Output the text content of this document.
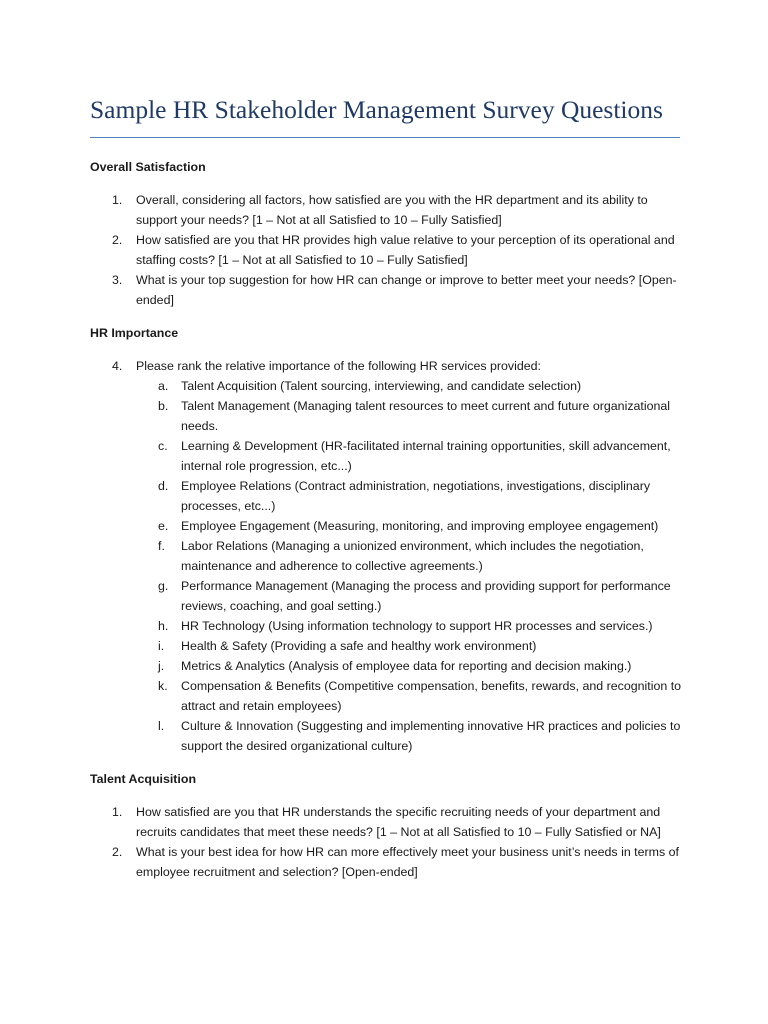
Sample HR Stakeholder Management Survey Questions
Overall Satisfaction
1. Overall, considering all factors, how satisfied are you with the HR department and its ability to support your needs? [1 – Not at all Satisfied to 10 – Fully Satisfied]
2. How satisfied are you that HR provides high value relative to your perception of its operational and staffing costs? [1 – Not at all Satisfied to 10 – Fully Satisfied]
3. What is your top suggestion for how HR can change or improve to better meet your needs? [Open-ended]
HR Importance
4. Please rank the relative importance of the following HR services provided:
a. Talent Acquisition (Talent sourcing, interviewing, and candidate selection)
b. Talent Management (Managing talent resources to meet current and future organizational needs.
c. Learning & Development (HR-facilitated internal training opportunities, skill advancement, internal role progression, etc...)
d. Employee Relations (Contract administration, negotiations, investigations, disciplinary processes, etc...)
e. Employee Engagement (Measuring, monitoring, and improving employee engagement)
f. Labor Relations (Managing a unionized environment, which includes the negotiation, maintenance and adherence to collective agreements.)
g. Performance Management (Managing the process and providing support for performance reviews, coaching, and goal setting.)
h. HR Technology (Using information technology to support HR processes and services.)
i. Health & Safety (Providing a safe and healthy work environment)
j. Metrics & Analytics (Analysis of employee data for reporting and decision making.)
k. Compensation & Benefits (Competitive compensation, benefits, rewards, and recognition to attract and retain employees)
l. Culture & Innovation (Suggesting and implementing innovative HR practices and policies to support the desired organizational culture)
Talent Acquisition
1. How satisfied are you that HR understands the specific recruiting needs of your department and recruits candidates that meet these needs? [1 – Not at all Satisfied to 10 – Fully Satisfied or NA]
2. What is your best idea for how HR can more effectively meet your business unit’s needs in terms of employee recruitment and selection? [Open-ended]
